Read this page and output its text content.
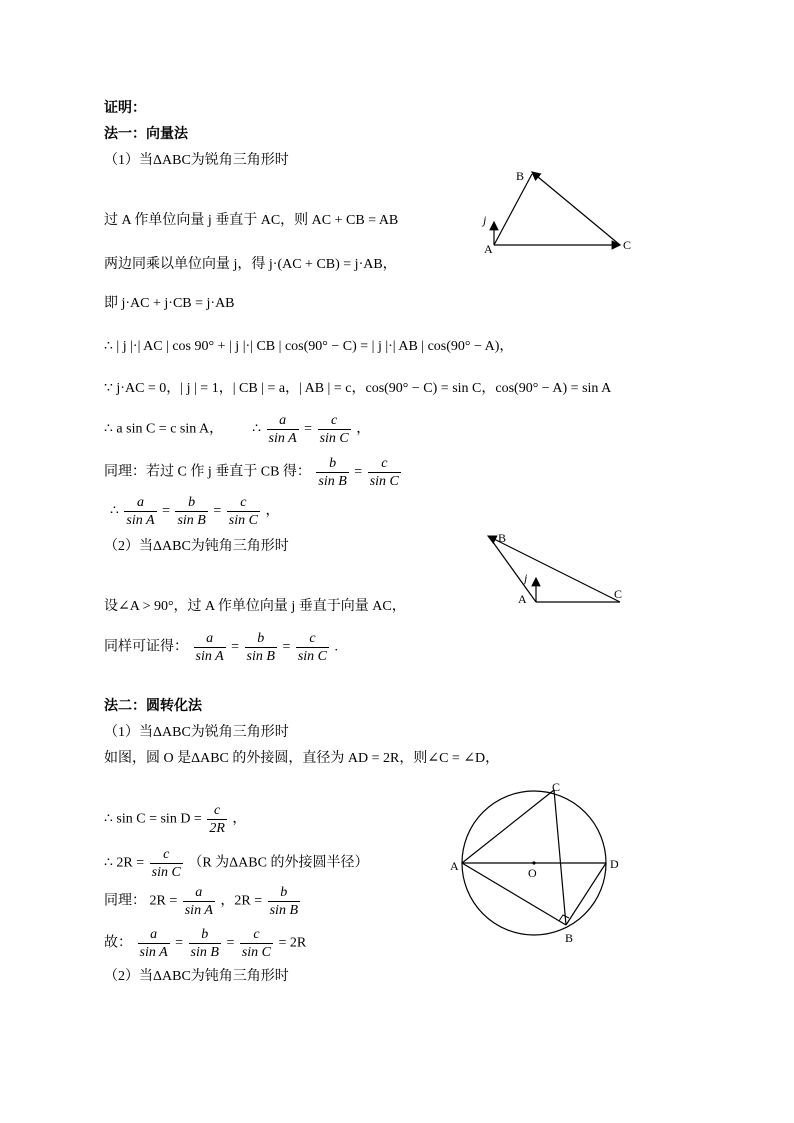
证明：
法一：向量法
（1）当ΔABC为锐角三角形时
过 A 作单位向量 j 垂直于 AC，则 AC + CB = AB
两边同乘以单位向量 j，得 j·(AC + CB) = j·AB，
即 j·AC + j·CB = j·AB
∴ | j |·| AC | cos 90° + | j |·| CB | cos(90° − C) = | j |·| AB | cos(90° − A)，
∵ j·AC = 0，| j | = 1，| CB | = a，| AB | = c，cos(90° − C) = sin C，cos(90° − A) = sin A
∴ a sin C = c sin A， ∴ $\frac{a}{\text{sin A}} = \frac{c}{\text{sin C}}$ ，
同理：若过 C 作 j 垂直于 CB 得： $\frac{b}{\text{sin B}} = \frac{c}{\text{sin C}}$
∴ $\frac{a}{\text{sin A}} = \frac{b}{\text{sin B}} = \frac{c}{\text{sin C}}$ ，
（2）当ΔABC为钝角三角形时
设∠A > 90°，过 A 作单位向量 j 垂直于向量 AC，
同样可证得： $\frac{a}{\text{sin A}} = \frac{b}{\text{sin B}} = \frac{c}{\text{sin C}}$ .
法二：圆转化法
（1）当ΔABC为锐角三角形时
如图，圆 O 是ΔABC 的外接圆，直径为 AD = 2R，则∠C = ∠D，
∴ $\sin C = \sin D = \frac{c}{2R}$ ，
∴ $2R = \frac{c}{\text{sin C}} (R$ 为ΔABC 的外接圆半径）
同理： $2R = \frac{a}{\text{sin A}}$ ，$2R = \frac{b}{\text{sin B}}$
故： $\frac{a}{\text{sin A}} = \frac{b}{\text{sin B}} = \frac{c}{\text{sin C}} = 2R$
（2）当ΔABC为钝角三角形时
B
A	C
j
B
A	C
j
A	D
C
B
O
